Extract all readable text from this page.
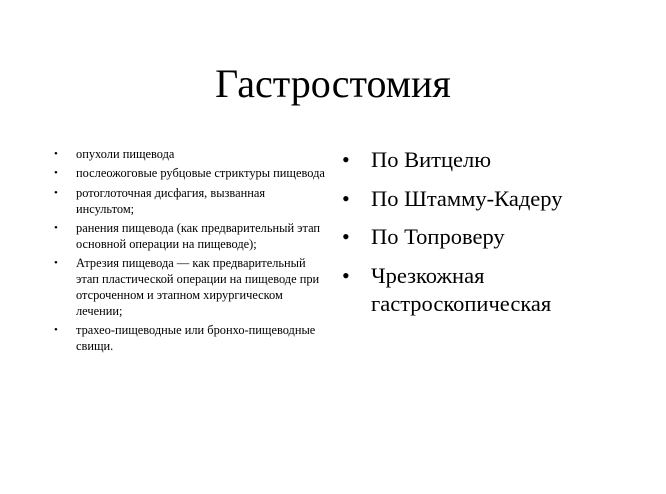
Гастростомия
• опухоли пищевода
• послеожоговые рубцовые стриктуры пищевода
• ротоглоточная дисфагия, вызванная инсультом;
• ранения пищевода (как предварительный этап основной операции на пищеводе);
• Атрезия пищевода — как предварительный этап пластической операции на пищеводе при отсроченном и этапном хирургическом лечении;
• трахео-пищеводные или бронхо-пищеводные свищи.
• По Витцелю
• По Штамму-Кадеру
• По Топроверу
• Чрезкожная гастроскопическая
